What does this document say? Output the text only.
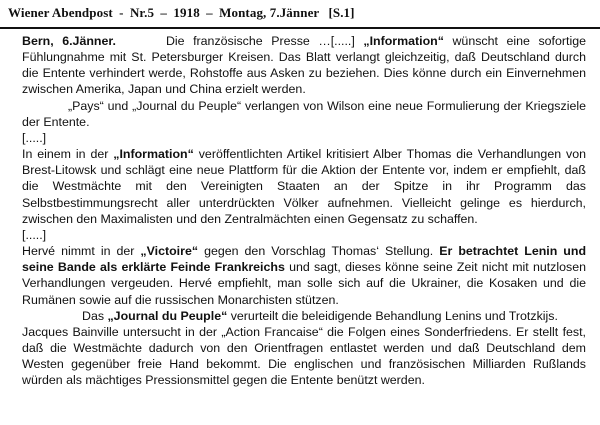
Wiener Abendpost - Nr.5 – 1918 – Montag, 7.Jänner [S.1]

Bern, 6.Jänner.	Die französische Presse …[.....] „Information“ wünscht eine sofortige Fühlungnahme mit St. Petersburger Kreisen. Das Blatt verlangt gleichzeitig, daß Deutschland durch die Entente verhindert werde, Rohstoffe aus Asken zu beziehen. Dies könne durch ein Einvernehmen zwischen Amerika, Japan und China erzielt werden.

„Pays“ und „Journal du Peuple“ verlangen von Wilson eine neue Formulierung der Kriegsziele der Entente.

[.....]

In einem in der „Information“ veröffentlichten Artikel kritisiert Alber Thomas die Verhandlungen von Brest-Litowsk und schlägt eine neue Plattform für die Aktion der Entente vor, indem er empfiehlt, daß die Westmächte mit den Vereinigten Staaten an der Spitze in ihr Programm das Selbstbestimmungsrecht aller unterdrückten Völker aufnehmen. Vielleicht gelinge es hierdurch, zwischen den Maximalisten und den Zentralmächten einen Gegensatz zu schaffen.

[.....]

Hervé nimmt in der „Victoire“ gegen den Vorschlag Thomas‘ Stellung. Er betrachtet Lenin und seine Bande als erklärte Feinde Frankreichs und sagt, dieses könne seine Zeit nicht mit nutzlosen Verhandlungen vergeuden. Hervé empfiehlt, man solle sich auf die Ukrainer, die Kosaken und die Rumänen sowie auf die russischen Monarchisten stützen.

Das „Journal du Peuple“ verurteilt die beleidigende Behandlung Lenins und Trotzkijs.

Jacques Bainville untersucht in der „Action Francaise“ die Folgen eines Sonderfriedens. Er stellt fest, daß die Westmächte dadurch von den Orientfragen entlastet werden und daß Deutschland dem Westen gegenüber freie Hand bekommt. Die englischen und französischen Milliarden Rußlands würden als mächtiges Pressionsmittel gegen die Entente benützt werden.
